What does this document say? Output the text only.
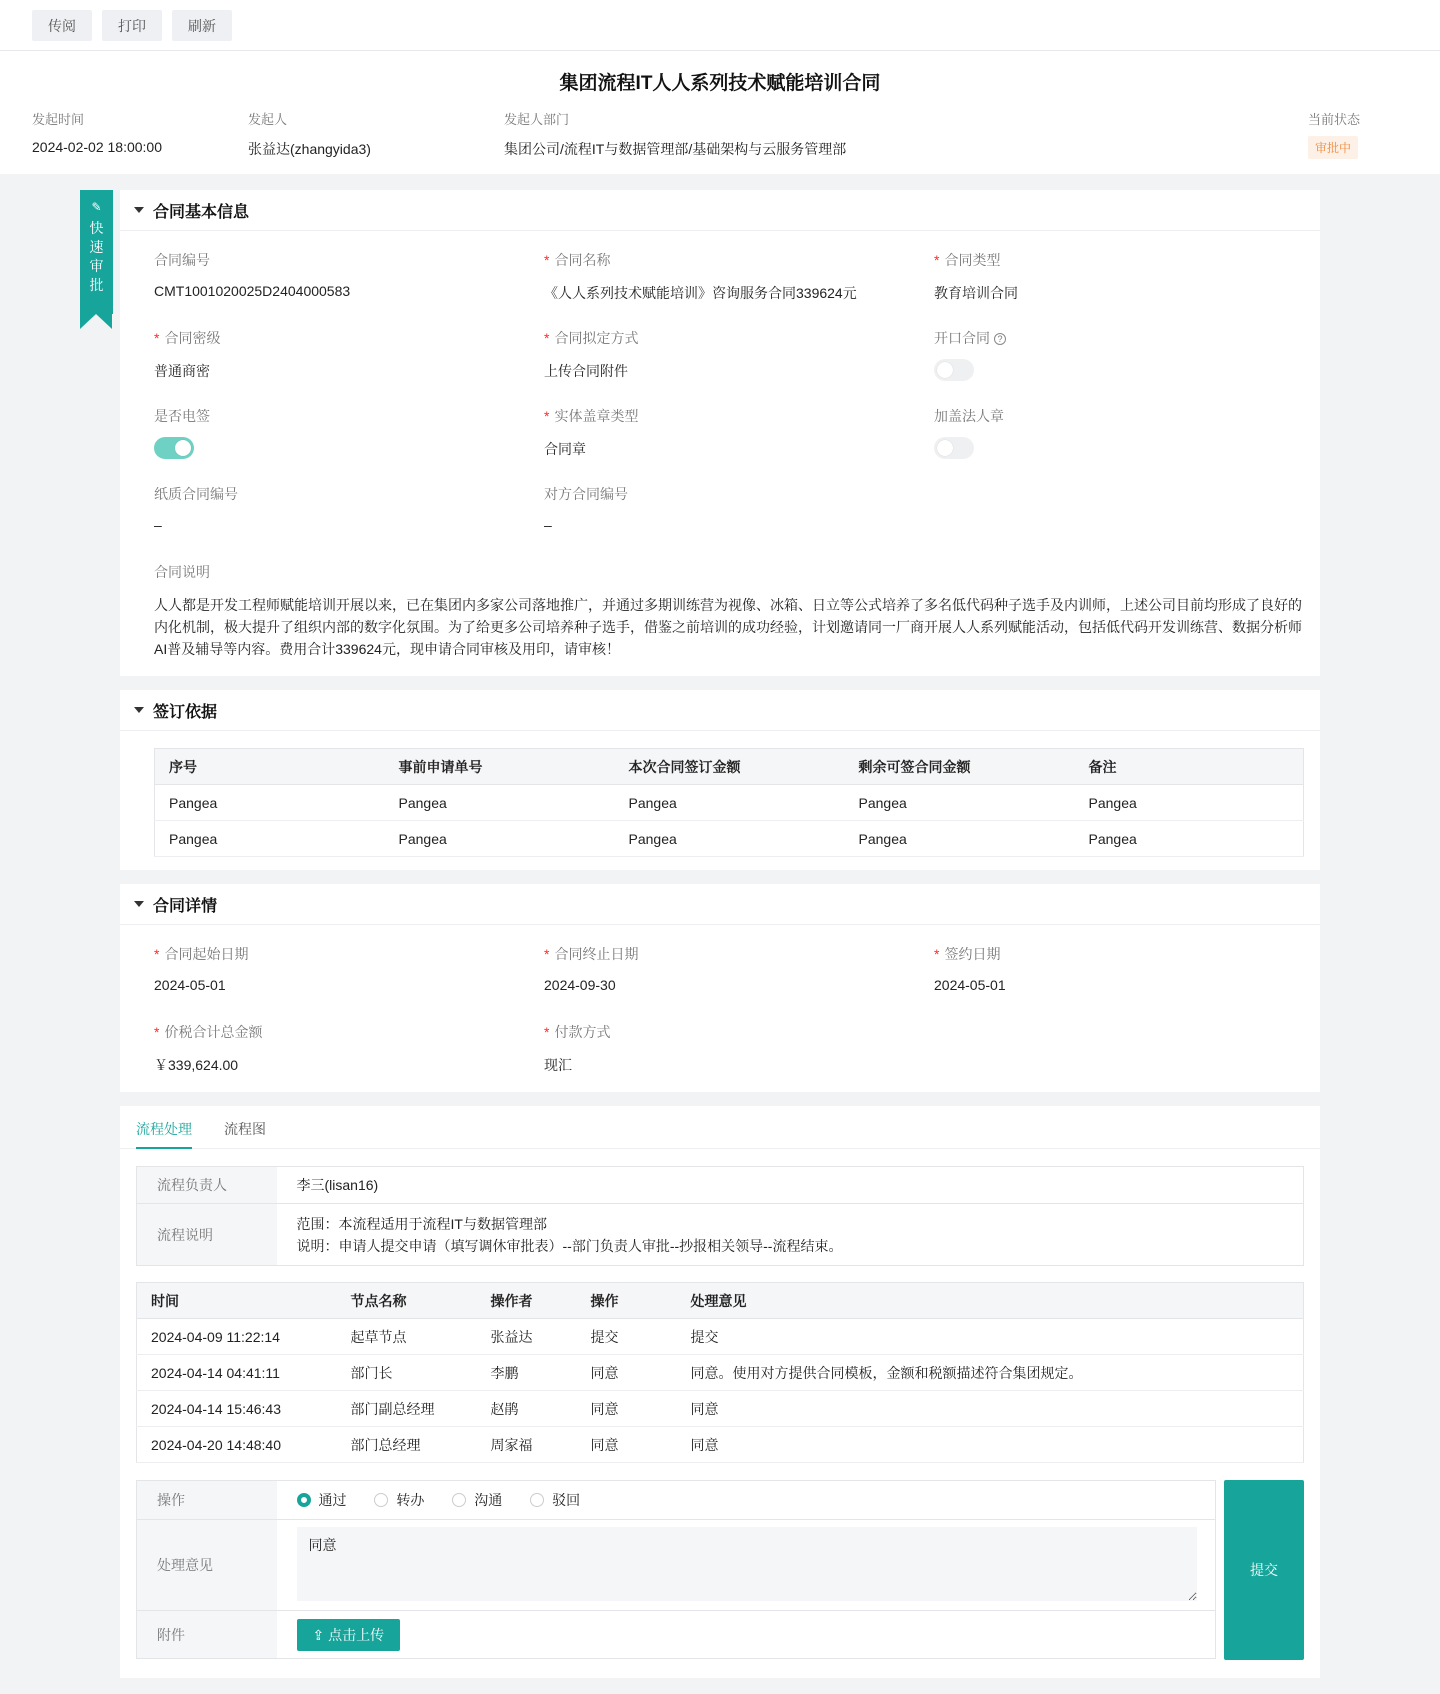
传阅	打印	刷新
集团流程IT人人系列技术赋能培训合同
发起时间
2024-02-02 18:00:00
发起人
张益达(zhangyida3)
发起人部门
集团公司/流程IT与数据管理部/基础架构与云服务管理部
当前状态
审批中
✎
快速审批
合同基本信息
合同编号
CMT1001020025D2404000583
* 合同名称
《人人系列技术赋能培训》咨询服务合同339624元
* 合同类型
教育培训合同
* 合同密级
普通商密
* 合同拟定方式
上传合同附件
开口合同 ?
是否电签	* 实体盖章类型
合同章
加盖法人章
纸质合同编号
–
对方合同编号
–
合同说明
人人都是开发工程师赋能培训开展以来，已在集团内多家公司落地推广，并通过多期训练营为视像、冰箱、日立等公式培养了多名低代码种子选手及内训师，上述公司目前均形成了良好的内化机制，极大提升了组织内部的数字化氛围。为了给更多公司培养种子选手，借鉴之前培训的成功经验，计划邀请同一厂商开展人人系列赋能活动，包括低代码开发训练营、数据分析师AI普及辅导等内容。费用合计339624元，现申请合同审核及用印，请审核！
签订依据
序号	事前申请单号	本次合同签订金额	剩余可签合同金额	备注
Pangea	Pangea	Pangea	Pangea	Pangea
Pangea	Pangea	Pangea	Pangea	Pangea
合同详情
* 合同起始日期
2024-05-01
* 合同终止日期
2024-09-30
* 签约日期
2024-05-01
* 价税合计总金额
￥339,624.00
* 付款方式
现汇
流程处理 流程图
流程负责人	李三(lisan16)
流程说明	范围：本流程适用于流程IT与数据管理部
说明：申请人提交申请（填写调休审批表）--部门负责人审批--抄报相关领导--流程结束。
时间	节点名称	操作者	操作	处理意见
2024-04-09 11:22:14	起草节点	张益达	提交	提交
2024-04-14 04:41:11	部门长	李鹏	同意	同意。使用对方提供合同模板，金额和税额描述符合集团规定。
2024-04-14 15:46:43	部门副总经理	赵鹃	同意	同意
2024-04-20 14:48:40	部门总经理	周家福	同意	同意
操作	通过
转办
沟通
驳回

处理意见	同意
附件	⇪ 点击上传
提交
